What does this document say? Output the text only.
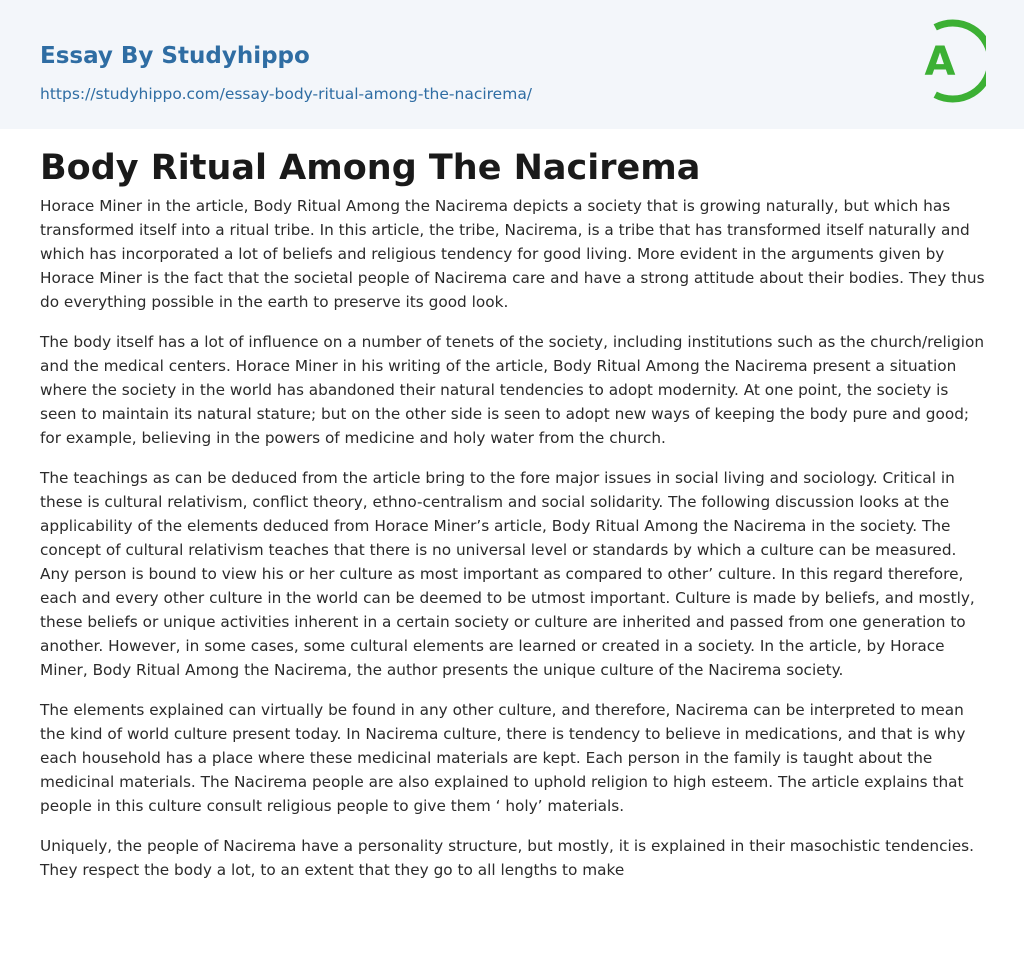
Essay By Studyhippo
https://studyhippo.com/essay-body-ritual-among-the-nacirema/
A
Body Ritual Among The Nacirema

Horace Miner in the article, Body Ritual Among the Nacirema depicts a society that is growing naturally, but which has transformed itself into a ritual tribe. In this article, the tribe, Nacirema, is a tribe that has transformed itself naturally and which has incorporated a lot of beliefs and religious tendency for good living. More evident in the arguments given by Horace Miner is the fact that the societal people of Nacirema care and have a strong attitude about their bodies. They thus do everything possible in the earth to preserve its good look.

The body itself has a lot of influence on a number of tenets of the society, including institutions such as the church/religion and the medical centers. Horace Miner in his writing of the article, Body Ritual Among the Nacirema present a situation where the society in the world has abandoned their natural tendencies to adopt modernity. At one point, the society is seen to maintain its natural stature; but on the other side is seen to adopt new ways of keeping the body pure and good; for example, believing in the powers of medicine and holy water from the church.

The teachings as can be deduced from the article bring to the fore major issues in social living and sociology. Critical in these is cultural relativism, conflict theory, ethno-centralism and social solidarity. The following discussion looks at the applicability of the elements deduced from Horace Miner’s article, Body Ritual Among the Nacirema in the society. The concept of cultural relativism teaches that there is no universal level or standards by which a culture can be measured. Any person is bound to view his or her culture as most important as compared to other’ culture. In this regard therefore, each and every other culture in the world can be deemed to be utmost important. Culture is made by beliefs, and mostly, these beliefs or unique activities inherent in a certain society or culture are inherited and passed from one generation to another. However, in some cases, some cultural elements are learned or created in a society. In the article, by Horace Miner, Body Ritual Among the Nacirema, the author presents the unique culture of the Nacirema society.

The elements explained can virtually be found in any other culture, and therefore, Nacirema can be interpreted to mean the kind of world culture present today. In Nacirema culture, there is tendency to believe in medications, and that is why each household has a place where these medicinal materials are kept. Each person in the family is taught about the medicinal materials. The Nacirema people are also explained to uphold religion to high esteem. The article explains that people in this culture consult religious people to give them ‘ holy’ materials.

Uniquely, the people of Nacirema have a personality structure, but mostly, it is explained in their masochistic tendencies. They respect the body a lot, to an extent that they go to all lengths to make
